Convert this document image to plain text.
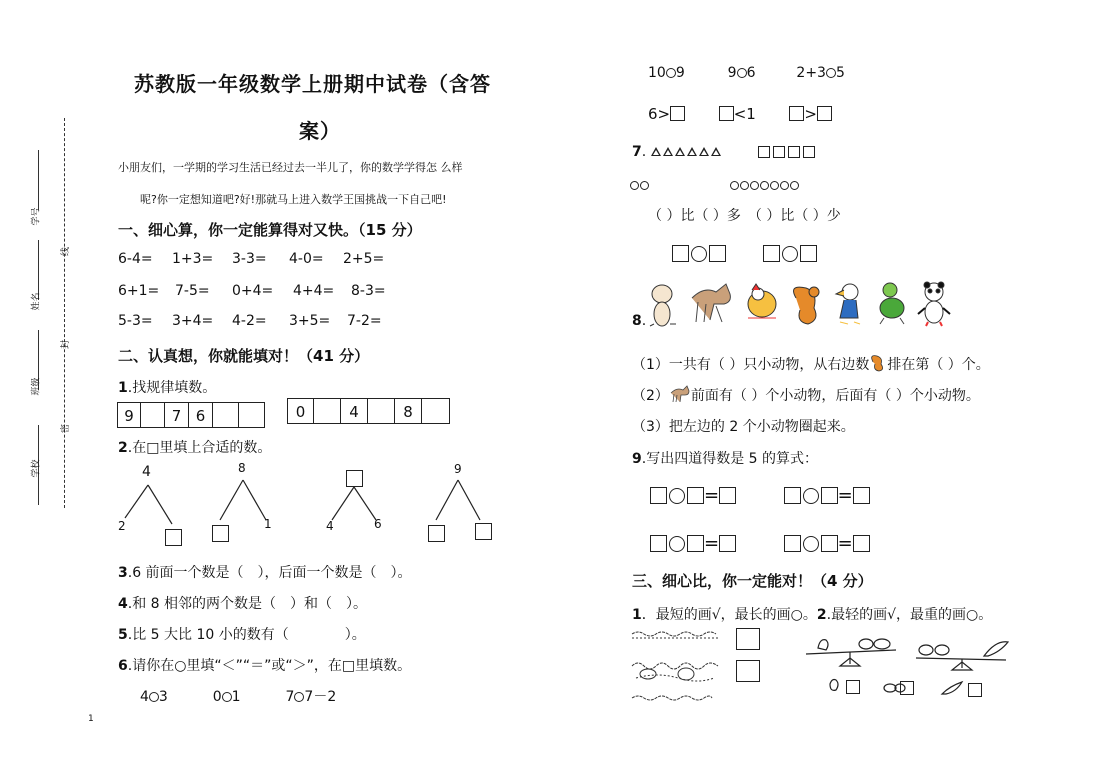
学号
姓名
班级
学校
线
封
密
苏教版一年级数学上册期中试卷（含答
案）
小朋友们，一学期的学习生活已经过去一半儿了，你的数学学得怎 么样
呢?你一定想知道吧?好!那就马上进入数学王国挑战一下自己吧!
一、细心算，你一定能算得对又快。（15 分）
6-4= 1+3= 3-3= 4-0= 2+5=
6+1= 7-5= 0+4= 4+4= 8-3=
5-3= 3+4= 4-2= 3+5= 7-2=
二、认真想，你就能填对！（41 分）
1.找规律填数。
9	7 6	0	4	8
2.在□里填上合适的数。
4
2
8
1	4	6
9
3.6 前面一个数是（　），后面一个数是（　）。
4.和 8 相邻的两个数是（　）和（　）。
5.比 5 大比 10 小的数有（　　　　）。
6.请你在○里填“＜”“＝”或“＞”，在□里填数。
4 3	0 1	7 7－2
1
10 9	9 6	2+3 5
6>	<1	>
7.

（ ）比（ ）多　（ ）比（ ）少

8.
（1）一共有（ ）只小动物，从右边数 排在第（ ）个。
（2） 前面有（ ）个小动物，后面有（ ）个小动物。
（3）把左边的 2 个小动物圈起来。
9.写出四道得数是 5 的算式：
=	=
=	=
三、细心比，你一定能对！（4 分）
1．最短的画√，最长的画○。2.最轻的画√，最重的画○。
